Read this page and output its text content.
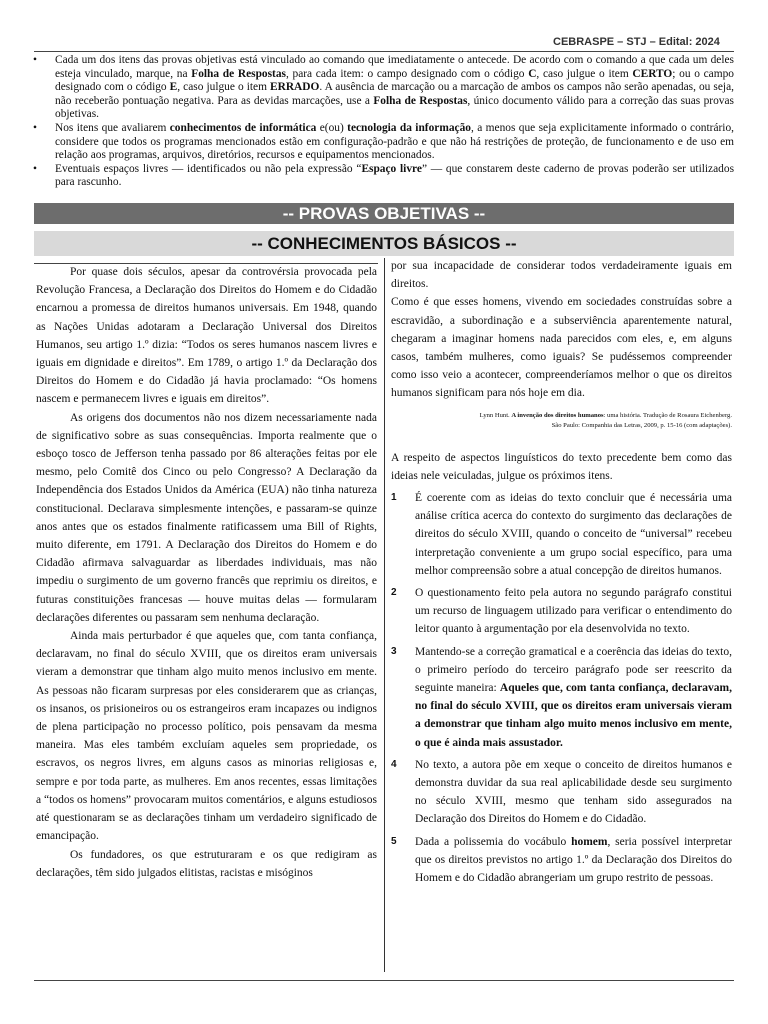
CEBRASPE – STJ – Edital: 2024
• Cada um dos itens das provas objetivas está vinculado ao comando que imediatamente o antecede. De acordo com o comando a que cada um deles esteja vinculado, marque, na Folha de Respostas, para cada item: o campo designado com o código C, caso julgue o item CERTO; ou o campo designado com o código E, caso julgue o item ERRADO. A ausência de marcação ou a marcação de ambos os campos não serão apenadas, ou seja, não receberão pontuação negativa. Para as devidas marcações, use a Folha de Respostas, único documento válido para a correção das suas provas objetivas.
• Nos itens que avaliarem conhecimentos de informática e(ou) tecnologia da informação, a menos que seja explicitamente informado o contrário, considere que todos os programas mencionados estão em configuração-padrão e que não há restrições de proteção, de funcionamento e de uso em relação aos programas, arquivos, diretórios, recursos e equipamentos mencionados.
• Eventuais espaços livres — identificados ou não pela expressão “Espaço livre” — que constarem deste caderno de provas poderão ser utilizados para rascunho.
-- PROVAS OBJETIVAS --
-- CONHECIMENTOS BÁSICOS --

Por quase dois séculos, apesar da controvérsia provocada pela Revolução Francesa, a Declaração dos Direitos do Homem e do Cidadão encarnou a promessa de direitos humanos universais. Em 1948, quando as Nações Unidas adotaram a Declaração Universal dos Direitos Humanos, seu artigo 1.º dizia: “Todos os seres humanos nascem livres e iguais em dignidade e direitos”. Em 1789, o artigo 1.º da Declaração dos Direitos do Homem e do Cidadão já havia proclamado: “Os homens nascem e permanecem livres e iguais em direitos”.

As origens dos documentos não nos dizem necessariamente nada de significativo sobre as suas consequências. Importa realmente que o esboço tosco de Jefferson tenha passado por 86 alterações feitas por ele mesmo, pelo Comitê dos Cinco ou pelo Congresso? A Declaração da Independência dos Estados Unidos da América (EUA) não tinha natureza constitucional. Declarava simplesmente intenções, e passaram-se quinze anos antes que os estados finalmente ratificassem uma Bill of Rights, muito diferente, em 1791. A Declaração dos Direitos do Homem e do Cidadão afirmava salvaguardar as liberdades individuais, mas não impediu o surgimento de um governo francês que reprimiu os direitos, e futuras constituições francesas — houve muitas delas — formularam declarações diferentes ou passaram sem nenhuma declaração.

Ainda mais perturbador é que aqueles que, com tanta confiança, declaravam, no final do século XVIII, que os direitos eram universais vieram a demonstrar que tinham algo muito menos inclusivo em mente. As pessoas não ficaram surpresas por eles considerarem que as crianças, os insanos, os prisioneiros ou os estrangeiros eram incapazes ou indignos de plena participação no processo político, pois pensavam da mesma maneira. Mas eles também excluíam aqueles sem propriedade, os escravos, os negros livres, em alguns casos as minorias religiosas e, sempre e por toda parte, as mulheres. Em anos recentes, essas limitações a “todos os homens” provocaram muitos comentários, e alguns estudiosos até questionaram se as declarações tinham um verdadeiro significado de emancipação.

Os fundadores, os que estruturaram e os que redigiram as declarações, têm sido julgados elitistas, racistas e misóginos

por sua incapacidade de considerar todos verdadeiramente iguais em direitos.

Como é que esses homens, vivendo em sociedades construídas sobre a escravidão, a subordinação e a subserviência aparentemente natural, chegaram a imaginar homens nada parecidos com eles, e, em alguns casos, também mulheres, como iguais? Se pudéssemos compreender como isso veio a acontecer, compreenderíamos melhor o que os direitos humanos significam para nós hoje em dia.

Lynn Hunt. A invenção dos direitos humanos: uma história. Tradução de Rosaura Eichenberg.
São Paulo: Companhia das Letras, 2009, p. 15-16 (com adaptações).

A respeito de aspectos linguísticos do texto precedente bem como das ideias nele veiculadas, julgue os próximos itens.

1 É coerente com as ideias do texto concluir que é necessária uma análise crítica acerca do contexto do surgimento das declarações de direitos do século XVIII, quando o conceito de “universal” recebeu interpretação conveniente a um grupo social específico, para uma melhor compreensão sobre a atual concepção de direitos humanos.
2 O questionamento feito pela autora no segundo parágrafo constitui um recurso de linguagem utilizado para verificar o entendimento do leitor quanto à argumentação por ela desenvolvida no texto.
3 Mantendo-se a correção gramatical e a coerência das ideias do texto, o primeiro período do terceiro parágrafo pode ser reescrito da seguinte maneira: Aqueles que, com tanta confiança, declaravam, no final do século XVIII, que os direitos eram universais vieram a demonstrar que tinham algo muito menos inclusivo em mente, o que é ainda mais assustador.
4 No texto, a autora põe em xeque o conceito de direitos humanos e demonstra duvidar da sua real aplicabilidade desde seu surgimento no século XVIII, mesmo que tenham sido assegurados na Declaração dos Direitos do Homem e do Cidadão.
5 Dada a polissemia do vocábulo homem, seria possível interpretar que os direitos previstos no artigo 1.º da Declaração dos Direitos do Homem e do Cidadão abrangeriam um grupo restrito de pessoas.
